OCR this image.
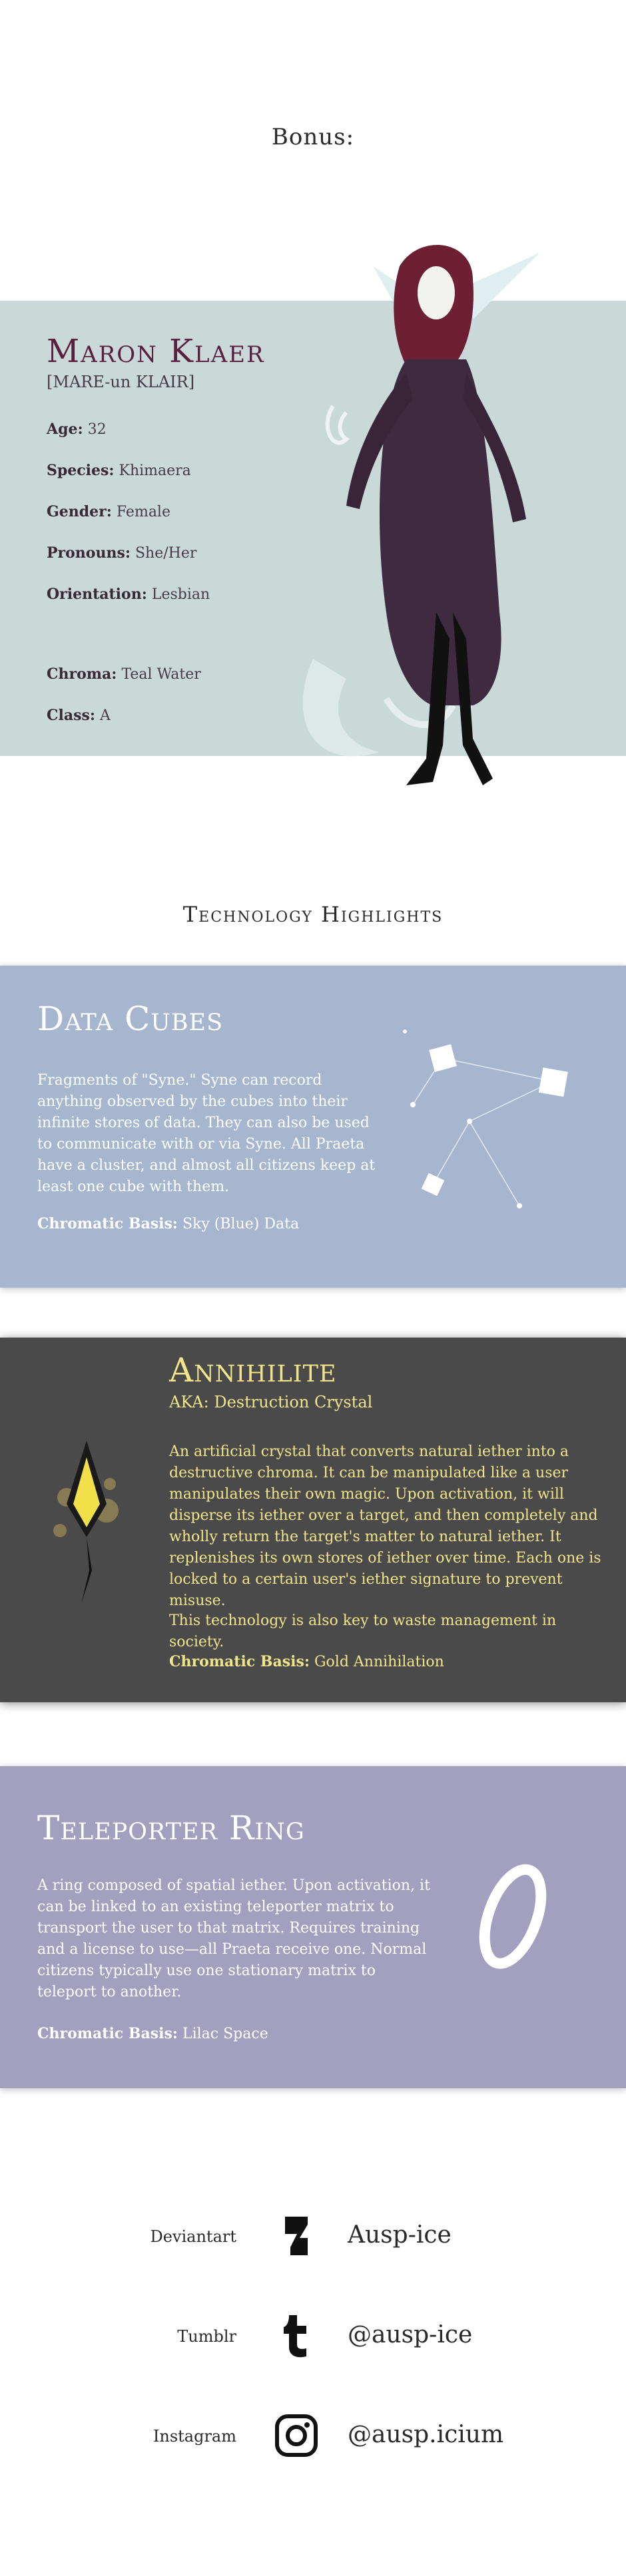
Bonus:
Maron Klaer
[MARE-un KLAIR]
Age: 32
Species: Khimaera
Gender: Female
Pronouns: She/Her
Orientation: Lesbian
Chroma: Teal Water
Class: A
Technology Highlights
Data Cubes
Fragments of "Syne." Syne can record anything observed by the cubes into their infinite stores of data. They can also be used to communicate with or via Syne. All Praeta have a cluster, and almost all citizens keep at least one cube with them.
Chromatic Basis: Sky (Blue) Data
Annihilite
AKA: Destruction Crystal
An artificial crystal that converts natural iether into a destructive chroma. It can be manipulated like a user manipulates their own magic. Upon activation, it will disperse its iether over a target, and then completely and wholly return the target's matter to natural iether. It replenishes its own stores of iether over time. Each one is locked to a certain user's iether signature to prevent misuse.
This technology is also key to waste management in society.
Chromatic Basis: Gold Annihilation
Teleporter Ring
A ring composed of spatial iether. Upon activation, it can be linked to an existing teleporter matrix to transport the user to that matrix. Requires training and a license to use—all Praeta receive one. Normal citizens typically use one stationary matrix to teleport to another.
Chromatic Basis: Lilac Space
Deviantart	Ausp-ice
Tumblr	@ausp-ice
Instagram	@ausp.icium
